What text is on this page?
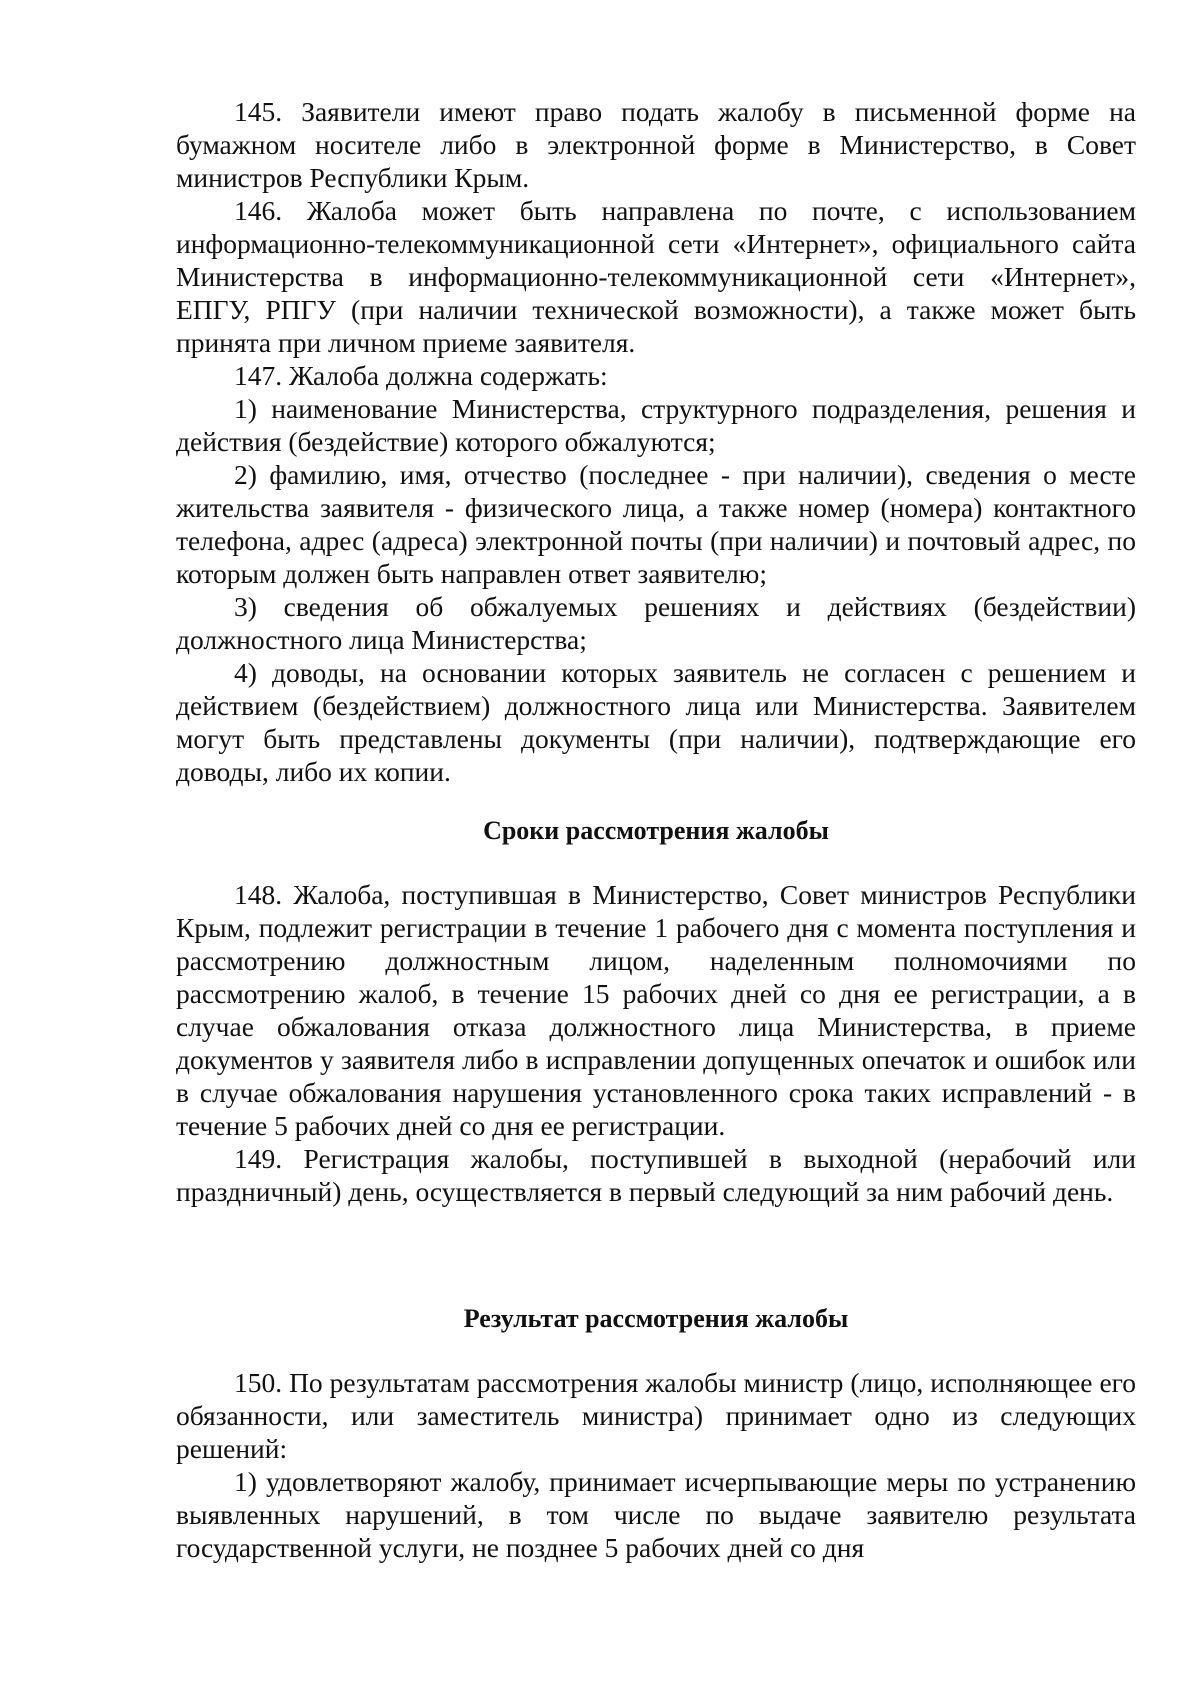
145. Заявители имеют право подать жалобу в письменной форме на бумажном носителе либо в электронной форме в Министерство, в Совет министров Республики Крым.

146. Жалоба может быть направлена по почте, с использованием информационно-телекоммуникационной сети «Интернет», официального сайта Министерства в информационно-телекоммуникационной сети «Интернет», ЕПГУ, РПГУ (при наличии технической возможности), а также может быть принята при личном приеме заявителя.

147. Жалоба должна содержать:

1) наименование Министерства, структурного подразделения, решения и действия (бездействие) которого обжалуются;

2) фамилию, имя, отчество (последнее - при наличии), сведения о месте жительства заявителя - физического лица, а также номер (номера) контактного телефона, адрес (адреса) электронной почты (при наличии) и почтовый адрес, по которым должен быть направлен ответ заявителю;

3) сведения об обжалуемых решениях и действиях (бездействии) должностного лица Министерства;

4) доводы, на основании которых заявитель не согласен с решением и действием (бездействием) должностного лица или Министерства. Заявителем могут быть представлены документы (при наличии), подтверждающие его доводы, либо их копии.

Сроки рассмотрения жалобы

148. Жалоба, поступившая в Министерство, Совет министров Республики Крым, подлежит регистрации в течение 1 рабочего дня с момента поступления и рассмотрению должностным лицом, наделенным полномочиями по рассмотрению жалоб, в течение 15 рабочих дней со дня ее регистрации, а в случае обжалования отказа должностного лица Министерства, в приеме документов у заявителя либо в исправлении допущенных опечаток и ошибок или в случае обжалования нарушения установленного срока таких исправлений - в течение 5 рабочих дней со дня ее регистрации.

149. Регистрация жалобы, поступившей в выходной (нерабочий или праздничный) день, осуществляется в первый следующий за ним рабочий день.

Результат рассмотрения жалобы

150. По результатам рассмотрения жалобы министр (лицо, исполняющее его обязанности, или заместитель министра) принимает одно из следующих решений:

1) удовлетворяют жалобу, принимает исчерпывающие меры по устранению выявленных нарушений, в том числе по выдаче заявителю результата государственной услуги, не позднее 5 рабочих дней со дня
